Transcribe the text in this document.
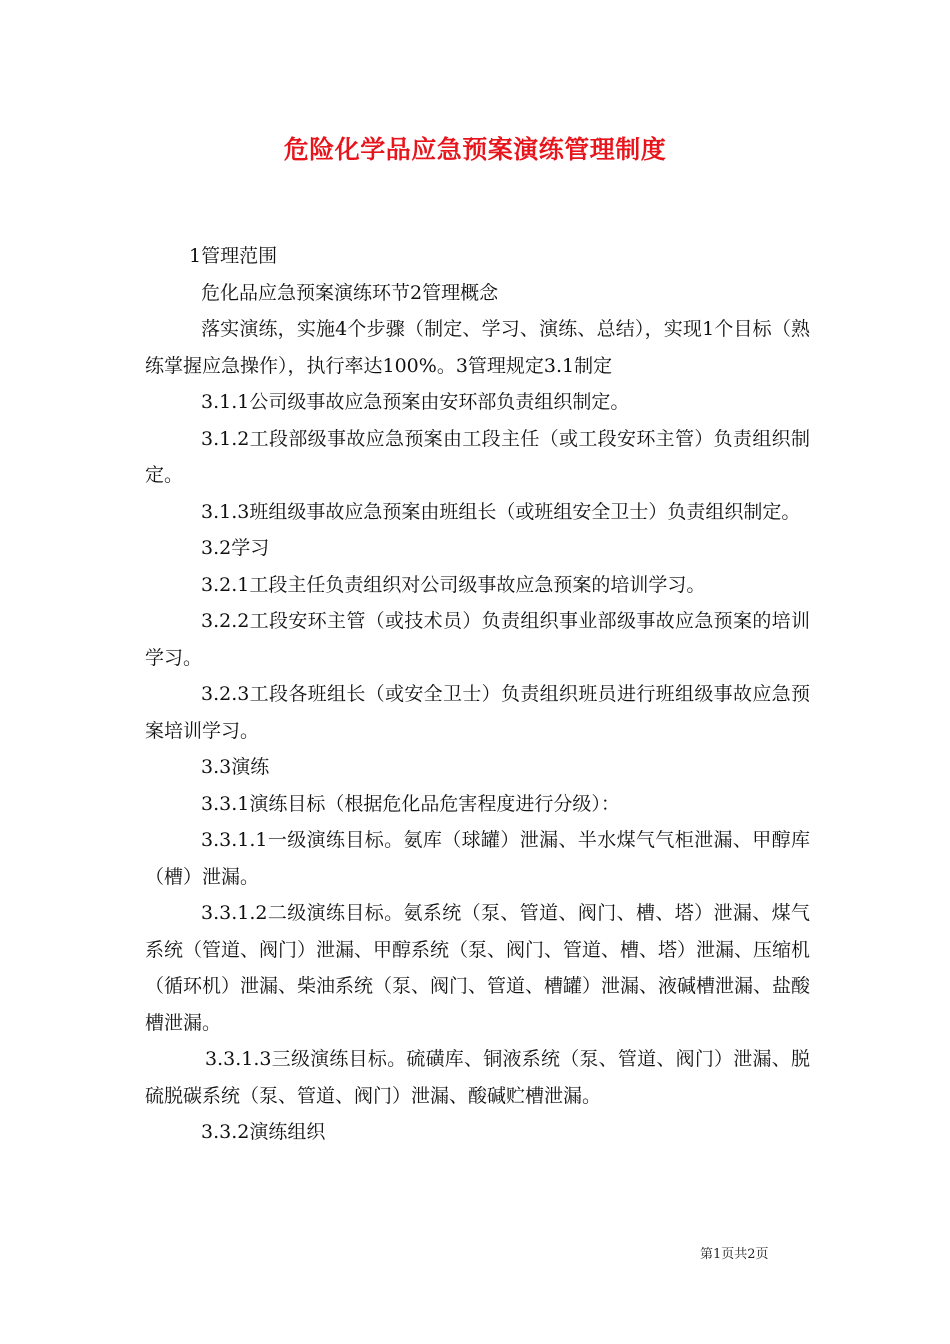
危险化学品应急预案演练管理制度

1管理范围

危化品应急预案演练环节2管理概念

落实演练，实施4个步骤（制定、学习、演练、总结），实现1个目标（熟练掌握应急操作），执行率达100%。3管理规定3.1制定

3.1.1公司级事故应急预案由安环部负责组织制定。

3.1.2工段部级事故应急预案由工段主任（或工段安环主管）负责组织制定。

3.1.3班组级事故应急预案由班组长（或班组安全卫士）负责组织制定。

3.2学习

3.2.1工段主任负责组织对公司级事故应急预案的培训学习。

3.2.2工段安环主管（或技术员）负责组织事业部级事故应急预案的培训学习。

3.2.3工段各班组长（或安全卫士）负责组织班员进行班组级事故应急预案培训学习。

3.3演练

3.3.1演练目标（根据危化品危害程度进行分级）：

3.3.1.1一级演练目标。氨库（球罐）泄漏、半水煤气气柜泄漏、甲醇库（槽）泄漏。

3.3.1.2二级演练目标。氨系统（泵、管道、阀门、槽、塔）泄漏、煤气系统（管道、阀门）泄漏、甲醇系统（泵、阀门、管道、槽、塔）泄漏、压缩机（循环机）泄漏、柴油系统（泵、阀门、管道、槽罐）泄漏、液碱槽泄漏、盐酸槽泄漏。

3.3.1.3三级演练目标。硫磺库、铜液系统（泵、管道、阀门）泄漏、脱硫脱碳系统（泵、管道、阀门）泄漏、酸碱贮槽泄漏。

3.3.2演练组织

第1页共2页
